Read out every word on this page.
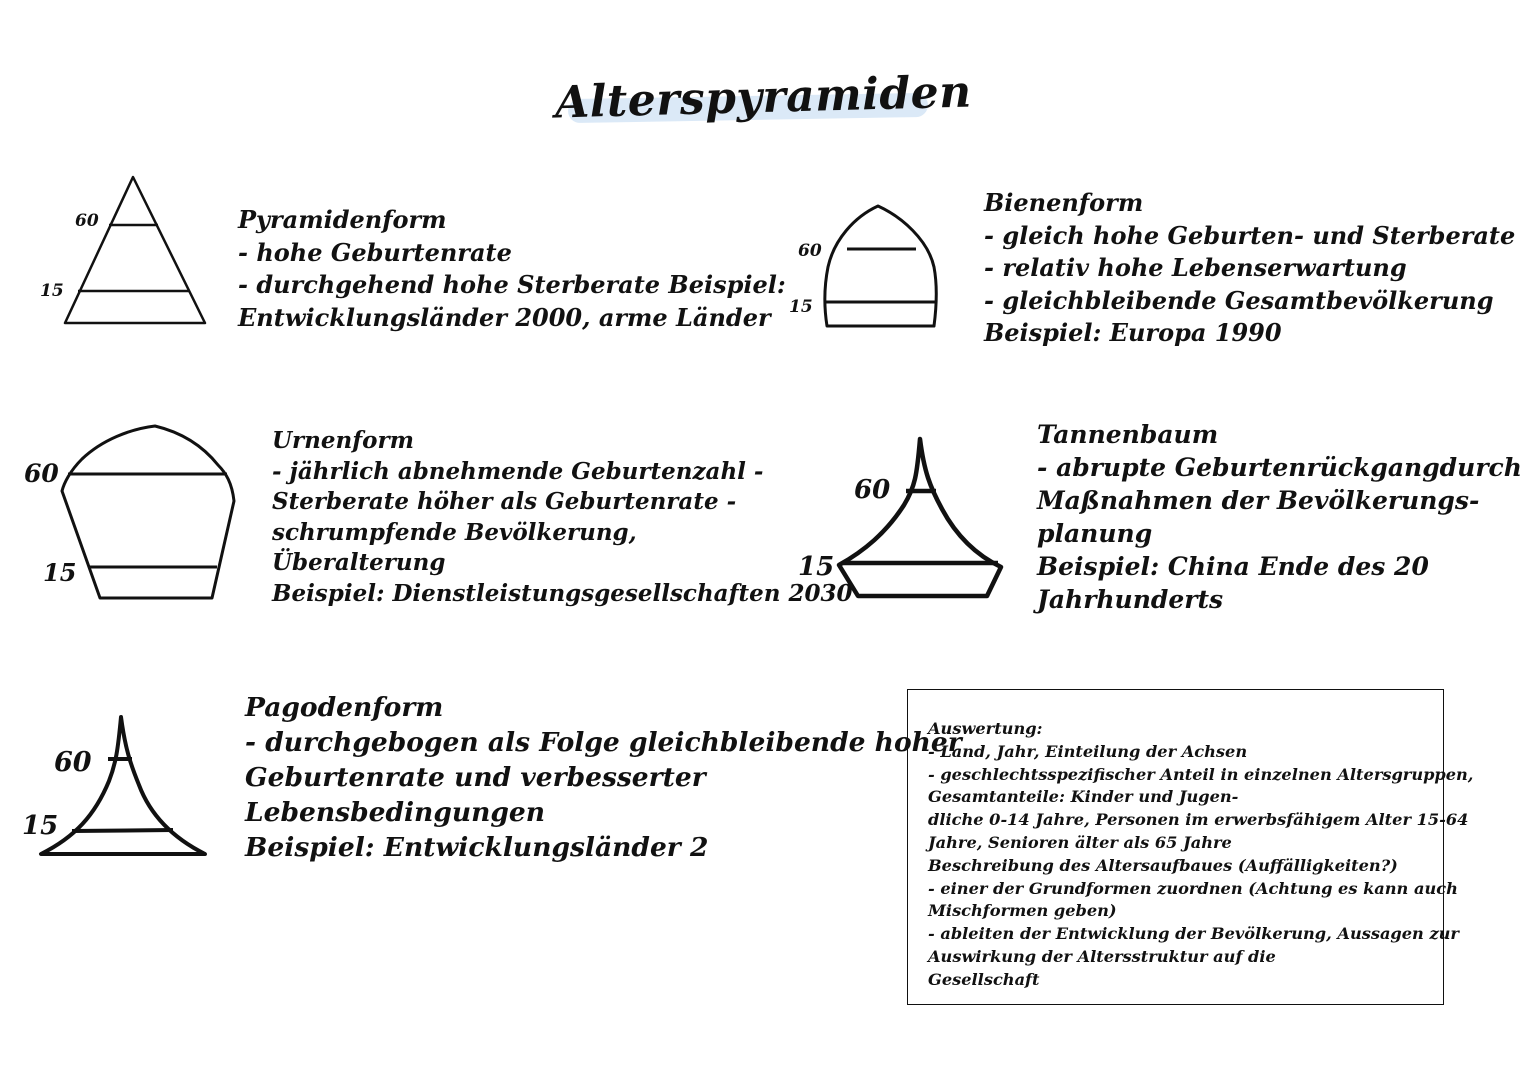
Alterspyramiden
60
15

Pyramidenform

- hohe Geburtenrate

- durchgehend hohe Sterberate Beispiel:

Entwicklungsländer 2000, arme Länder

60
15

Bienenform

- gleich hohe Geburten- und Sterberate

- relativ hohe Lebenserwartung

- gleichbleibende Gesamtbevölkerung

Beispiel: Europa 1990

60
15

Urnenform

- jährlich abnehmende Geburtenzahl -

Sterberate höher als Geburtenrate -

schrumpfende Bevölkerung,

Überalterung

Beispiel: Dienstleistungsgesellschaften 2030

60
15

Tannenbaum

- abrupte Geburtenrückgangdurch

Maßnahmen der Bevölkerungs-

planung

Beispiel: China Ende des 20

Jahrhunderts

60
15

Pagodenform

- durchgebogen als Folge gleichbleibende hoher

Geburtenrate und verbesserter

Lebensbedingungen

Beispiel: Entwicklungsländer 2

Auswertung:

- Land, Jahr, Einteilung der Achsen

- geschlechtsspezifischer Anteil in einzelnen Altersgruppen,

Gesamtanteile: Kinder und Jugen-

dliche 0-14 Jahre, Personen im erwerbsfähigem Alter 15-64

Jahre, Senioren älter als 65 Jahre

Beschreibung des Altersaufbaues (Auffälligkeiten?)

- einer der Grundformen zuordnen (Achtung es kann auch

Mischformen geben)

- ableiten der Entwicklung der Bevölkerung, Aussagen zur

Auswirkung der Altersstruktur auf die

Gesellschaft
